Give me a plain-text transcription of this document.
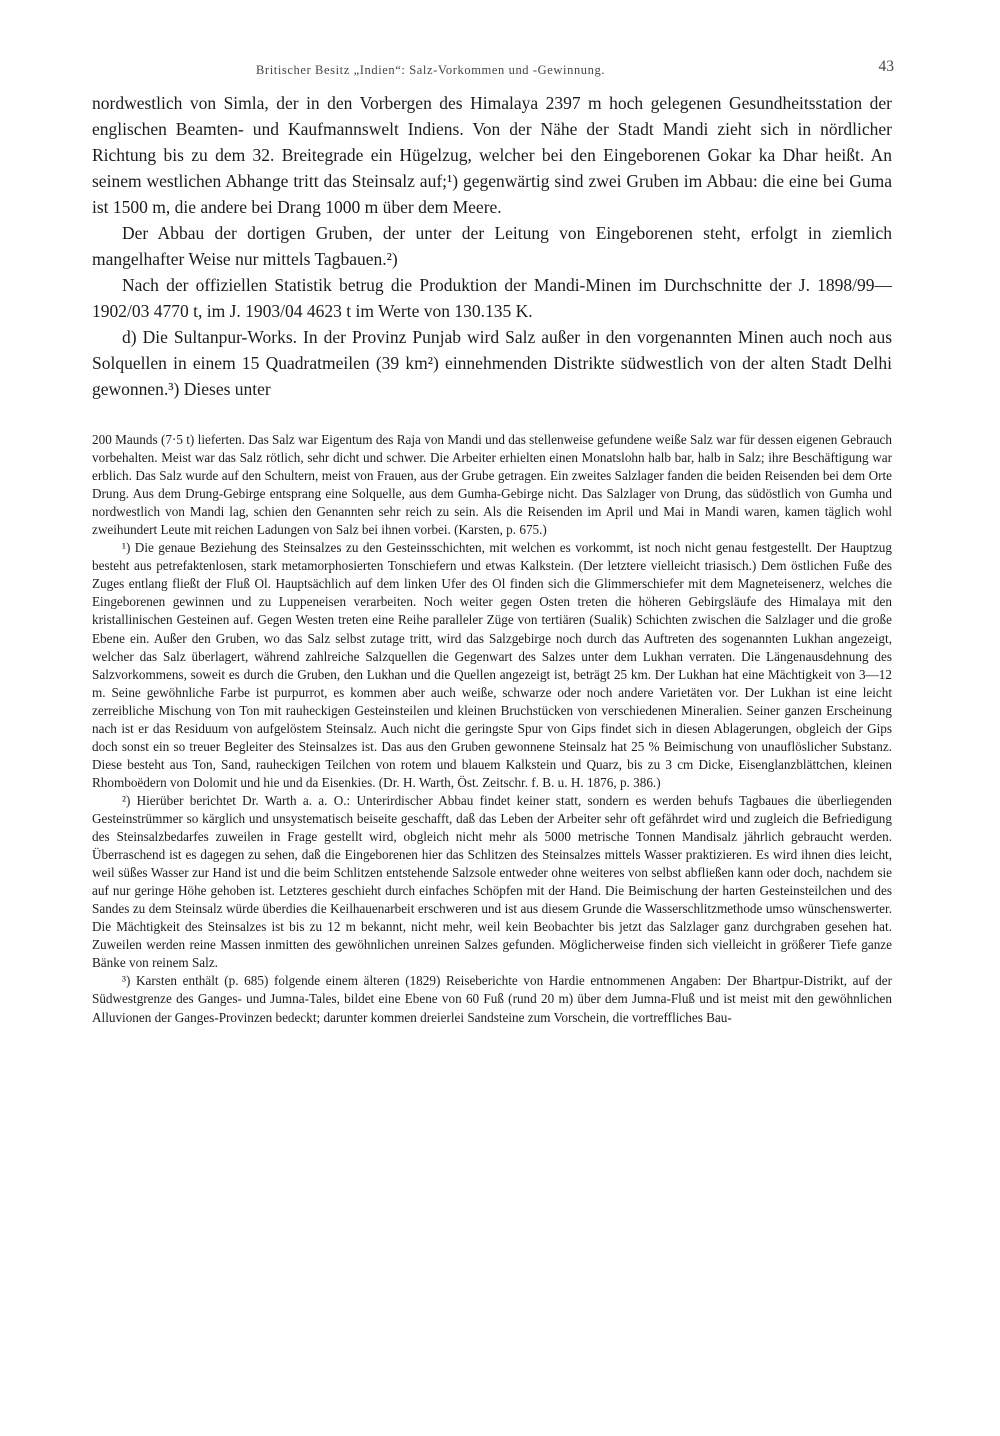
Britischer Besitz „Indien“: Salz-Vorkommen und -Gewinnung.	43

nordwestlich von Simla, der in den Vorbergen des Himalaya 2397 m hoch gelegenen Gesundheitsstation der englischen Beamten- und Kaufmannswelt Indiens. Von der Nähe der Stadt Mandi zieht sich in nördlicher Richtung bis zu dem 32. Breitegrade ein Hügelzug, welcher bei den Eingeborenen Gokar ka Dhar heißt. An seinem westlichen Abhange tritt das Steinsalz auf;¹) gegenwärtig sind zwei Gruben im Abbau: die eine bei Guma ist 1500 m, die andere bei Drang 1000 m über dem Meere.

Der Abbau der dortigen Gruben, der unter der Leitung von Eingeborenen steht, erfolgt in ziemlich mangelhafter Weise nur mittels Tagbauen.²)

Nach der offiziellen Statistik betrug die Produktion der Mandi-Minen im Durchschnitte der J. 1898/99—1902/03 4770 t, im J. 1903/04 4623 t im Werte von 130.135 K.

d) Die Sultanpur-Works. In der Provinz Punjab wird Salz außer in den vorgenannten Minen auch noch aus Solquellen in einem 15 Quadratmeilen (39 km²) einnehmenden Distrikte südwestlich von der alten Stadt Delhi gewonnen.³) Dieses unter

200 Maunds (7·5 t) lieferten. Das Salz war Eigentum des Raja von Mandi und das stellenweise gefundene weiße Salz war für dessen eigenen Gebrauch vorbehalten. Meist war das Salz rötlich, sehr dicht und schwer. Die Arbeiter erhielten einen Monatslohn halb bar, halb in Salz; ihre Beschäftigung war erblich. Das Salz wurde auf den Schultern, meist von Frauen, aus der Grube getragen. Ein zweites Salzlager fanden die beiden Reisenden bei dem Orte Drung. Aus dem Drung-Gebirge entsprang eine Solquelle, aus dem Gumha-Gebirge nicht. Das Salzlager von Drung, das südöstlich von Gumha und nordwestlich von Mandi lag, schien den Genannten sehr reich zu sein. Als die Reisenden im April und Mai in Mandi waren, kamen täglich wohl zweihundert Leute mit reichen Ladungen von Salz bei ihnen vorbei. (Karsten, p. 675.)

¹) Die genaue Beziehung des Steinsalzes zu den Gesteinsschichten, mit welchen es vorkommt, ist noch nicht genau festgestellt. Der Hauptzug besteht aus petrefaktenlosen, stark metamorphosierten Tonschiefern und etwas Kalkstein. (Der letztere vielleicht triasisch.) Dem östlichen Fuße des Zuges entlang fließt der Fluß Ol. Hauptsächlich auf dem linken Ufer des Ol finden sich die Glimmerschiefer mit dem Magneteisenerz, welches die Eingeborenen gewinnen und zu Luppeneisen verarbeiten. Noch weiter gegen Osten treten die höheren Gebirgsläufe des Himalaya mit den kristallinischen Gesteinen auf. Gegen Westen treten eine Reihe paralleler Züge von tertiären (Sualik) Schichten zwischen die Salzlager und die große Ebene ein. Außer den Gruben, wo das Salz selbst zutage tritt, wird das Salzgebirge noch durch das Auftreten des sogenannten Lukhan angezeigt, welcher das Salz überlagert, während zahlreiche Salzquellen die Gegenwart des Salzes unter dem Lukhan verraten. Die Längenausdehnung des Salzvorkommens, soweit es durch die Gruben, den Lukhan und die Quellen angezeigt ist, beträgt 25 km. Der Lukhan hat eine Mächtigkeit von 3—12 m. Seine gewöhnliche Farbe ist purpurrot, es kommen aber auch weiße, schwarze oder noch andere Varietäten vor. Der Lukhan ist eine leicht zerreibliche Mischung von Ton mit rauheckigen Gesteinsteilen und kleinen Bruchstücken von verschiedenen Mineralien. Seiner ganzen Erscheinung nach ist er das Residuum von aufgelöstem Steinsalz. Auch nicht die geringste Spur von Gips findet sich in diesen Ablagerungen, obgleich der Gips doch sonst ein so treuer Begleiter des Steinsalzes ist. Das aus den Gruben gewonnene Steinsalz hat 25 % Beimischung von unauflöslicher Substanz. Diese besteht aus Ton, Sand, rauheckigen Teilchen von rotem und blauem Kalkstein und Quarz, bis zu 3 cm Dicke, Eisenglanzblättchen, kleinen Rhomboëdern von Dolomit und hie und da Eisenkies. (Dr. H. Warth, Öst. Zeitschr. f. B. u. H. 1876, p. 386.)

²) Hierüber berichtet Dr. Warth a. a. O.: Unterirdischer Abbau findet keiner statt, sondern es werden behufs Tagbaues die überliegenden Gesteinstrümmer so kärglich und unsystematisch beiseite geschafft, daß das Leben der Arbeiter sehr oft gefährdet wird und zugleich die Befriedigung des Steinsalzbedarfes zuweilen in Frage gestellt wird, obgleich nicht mehr als 5000 metrische Tonnen Mandisalz jährlich gebraucht werden. Überraschend ist es dagegen zu sehen, daß die Eingeborenen hier das Schlitzen des Steinsalzes mittels Wasser praktizieren. Es wird ihnen dies leicht, weil süßes Wasser zur Hand ist und die beim Schlitzen entstehende Salzsole entweder ohne weiteres von selbst abfließen kann oder doch, nachdem sie auf nur geringe Höhe gehoben ist. Letzteres geschieht durch einfaches Schöpfen mit der Hand. Die Beimischung der harten Gesteinsteilchen und des Sandes zu dem Steinsalz würde überdies die Keilhauenarbeit erschweren und ist aus diesem Grunde die Wasserschlitzmethode umso wünschenswerter. Die Mächtigkeit des Steinsalzes ist bis zu 12 m bekannt, nicht mehr, weil kein Beobachter bis jetzt das Salzlager ganz durchgraben gesehen hat. Zuweilen werden reine Massen inmitten des gewöhnlichen unreinen Salzes gefunden. Möglicherweise finden sich vielleicht in größerer Tiefe ganze Bänke von reinem Salz.

³) Karsten enthält (p. 685) folgende einem älteren (1829) Reiseberichte von Hardie entnommenen Angaben: Der Bhartpur-Distrikt, auf der Südwestgrenze des Ganges- und Jumna-Tales, bildet eine Ebene von 60 Fuß (rund 20 m) über dem Jumna-Fluß und ist meist mit den gewöhnlichen Alluvionen der Ganges-Provinzen bedeckt; darunter kommen dreierlei Sandsteine zum Vorschein, die vortreffliches Bau-
